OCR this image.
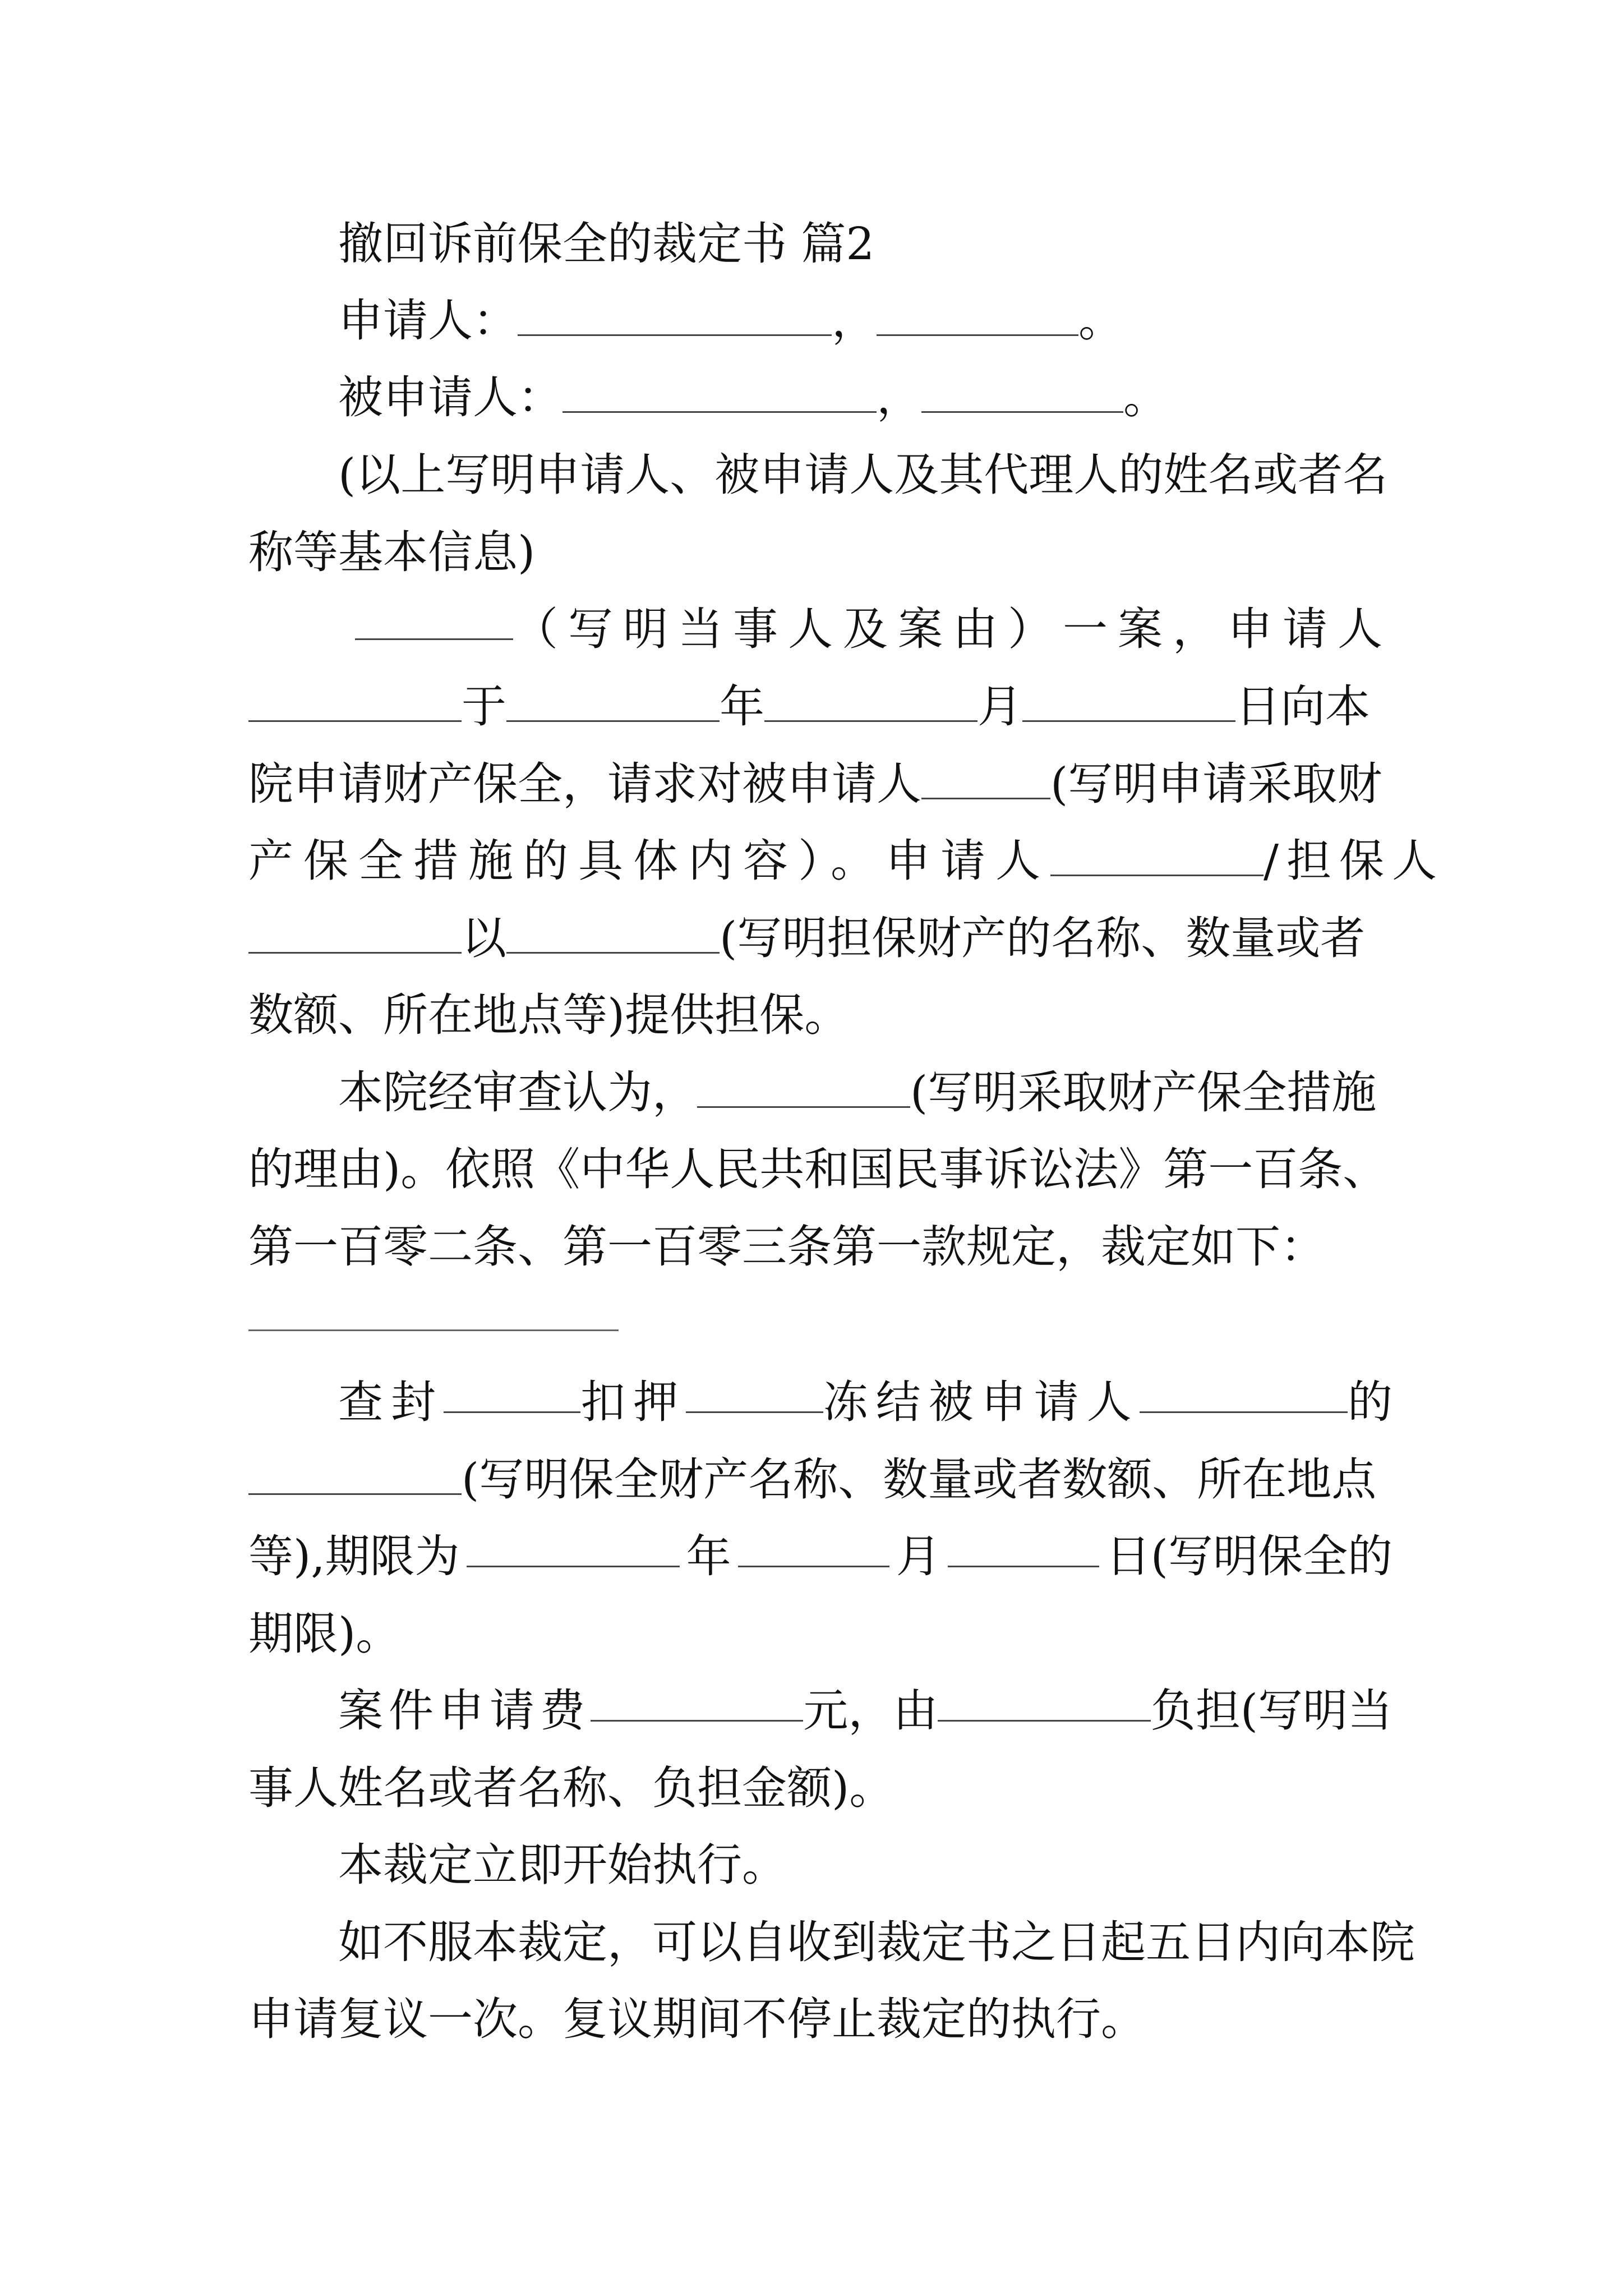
撤回诉前保全的裁定书 篇2
申请人：	，	。
被申请人：	，	。
(以上写明申请人、被申请人及其代理人的姓名或者名
称等基本信息)
（写明当事人及案由）一案，申请人
于	年	月	日向本
院申请财产保全，请求对被申请人	(写明申请采取财
产保全措施的具体内容）。申请人	/担保人
以	(写明担保财产的名称、数量或者
数额、所在地点等)提供担保。
本院经审查认为，	(写明采取财产保全措施
的理由)。依照《中华人民共和国民事诉讼法》第一百条、
第一百零二条、第一百零三条第一款规定，裁定如下：
查封	扣押	冻结被申请人	的
(写明保全财产名称、数量或者数额、所在地点
等),期限为	年	月	日(写明保全的
期限)。
案件申请费	元，由	负担(写明当
事人姓名或者名称、负担金额)。
本裁定立即开始执行。
如不服本裁定，可以自收到裁定书之日起五日内向本院
申请复议一次。复议期间不停止裁定的执行。
